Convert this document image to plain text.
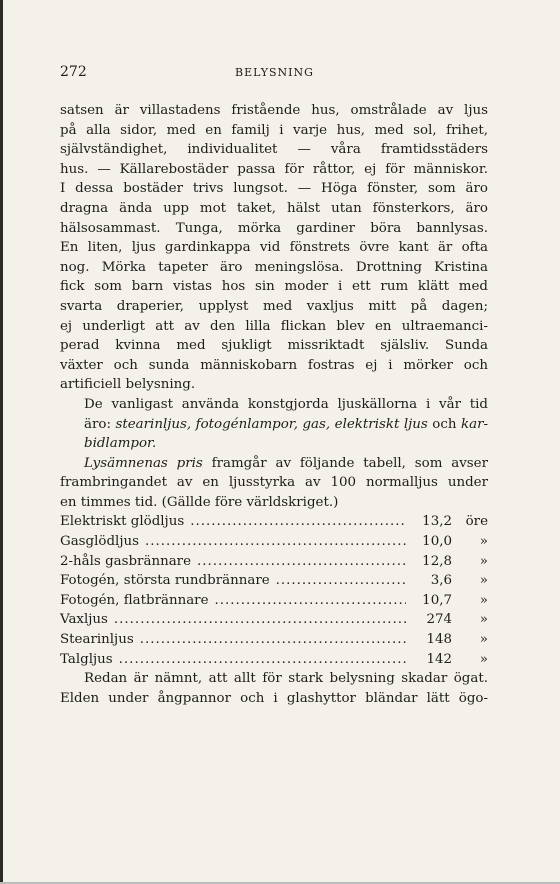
272	BELYSNING

satsen är villastadens fristående hus, omstrålade av ljus
på alla sidor, med en familj i varje hus, med sol, frihet,
självständighet, individualitet — våra framtidsstäders
hus. — Källarebostäder passa för råttor, ej för människor.
I dessa bostäder trivs lungsot. — Höga fönster, som äro
dragna ända upp mot taket, hälst utan fönsterkors, äro
hälsosammast. Tunga, mörka gardiner böra bannlysas.
En liten, ljus gardinkappa vid fönstrets övre kant är ofta
nog. Mörka tapeter äro meningslösa. Drottning Kristina
fick som barn vistas hos sin moder i ett rum klätt med
svarta draperier, upplyst med vaxljus mitt på dagen;
ej underligt att av den lilla flickan blev en ultraemanci-
perad kvinna med sjukligt missriktadt själsliv. Sunda
växter och sunda människobarn fostras ej i mörker och
artificiell belysning.

De vanligast använda konstgjorda ljuskällorna i vår tid
äro: stearinljus, fotogénlampor, gas, elektriskt ljus och kar-
bidlampor.

Lysämnenas pris framgår av följande tabell, som avser
frambringandet av en ljusstyrka av 100 normalljus under
en timmes tid. (Gällde före världskriget.)

Elektriskt glödljus .....	13,2	öre
Gasglödljus .....	10,0	»
2-håls gasbrännare .....	12,8	»
Fotogén, största rundbrännare .....	3,6	»
Fotogén, flatbrännare .....	10,7	»
Vaxljus .....	274	»
Stearinljus .....	148	»
Talgljus .....	142	»

Redan är nämnt, att allt för stark belysning skadar ögat.
Elden under ångpannor och i glashyttor bländar lätt ögo-
